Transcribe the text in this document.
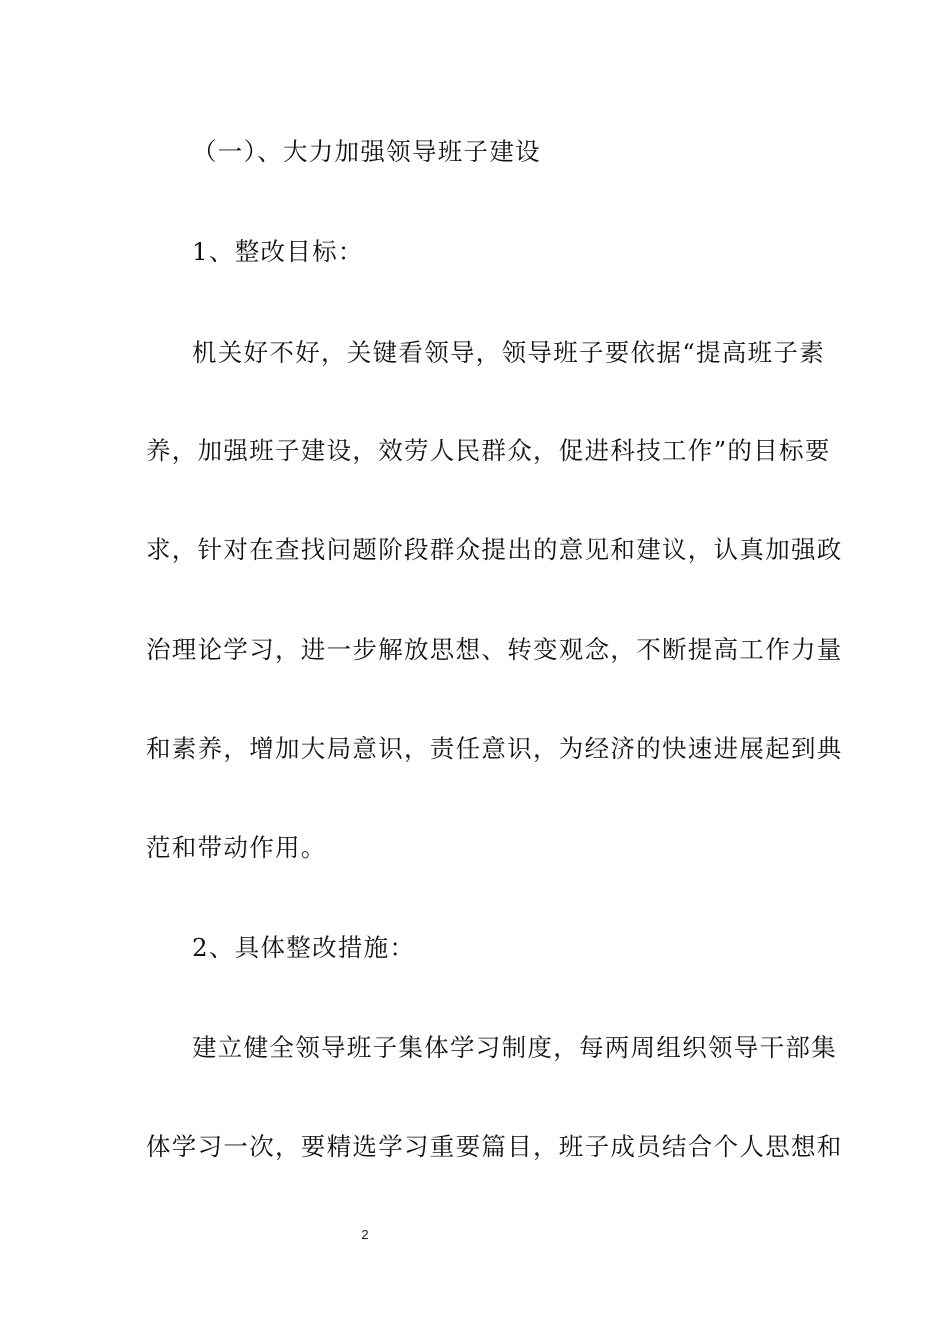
（一）、大力加强领导班子建设
1、整改目标：
机关好不好，关键看领导，领导班子要依据“提高班子素
养，加强班子建设，效劳人民群众，促进科技工作”的目标要
求，针对在查找问题阶段群众提出的意见和建议，认真加强政
治理论学习，进一步解放思想、转变观念，不断提高工作力量
和素养，增加大局意识，责任意识，为经济的快速进展起到典
范和带动作用。
2、具体整改措施：
建立健全领导班子集体学习制度，每两周组织领导干部集
体学习一次，要精选学习重要篇目，班子成员结合个人思想和
2
